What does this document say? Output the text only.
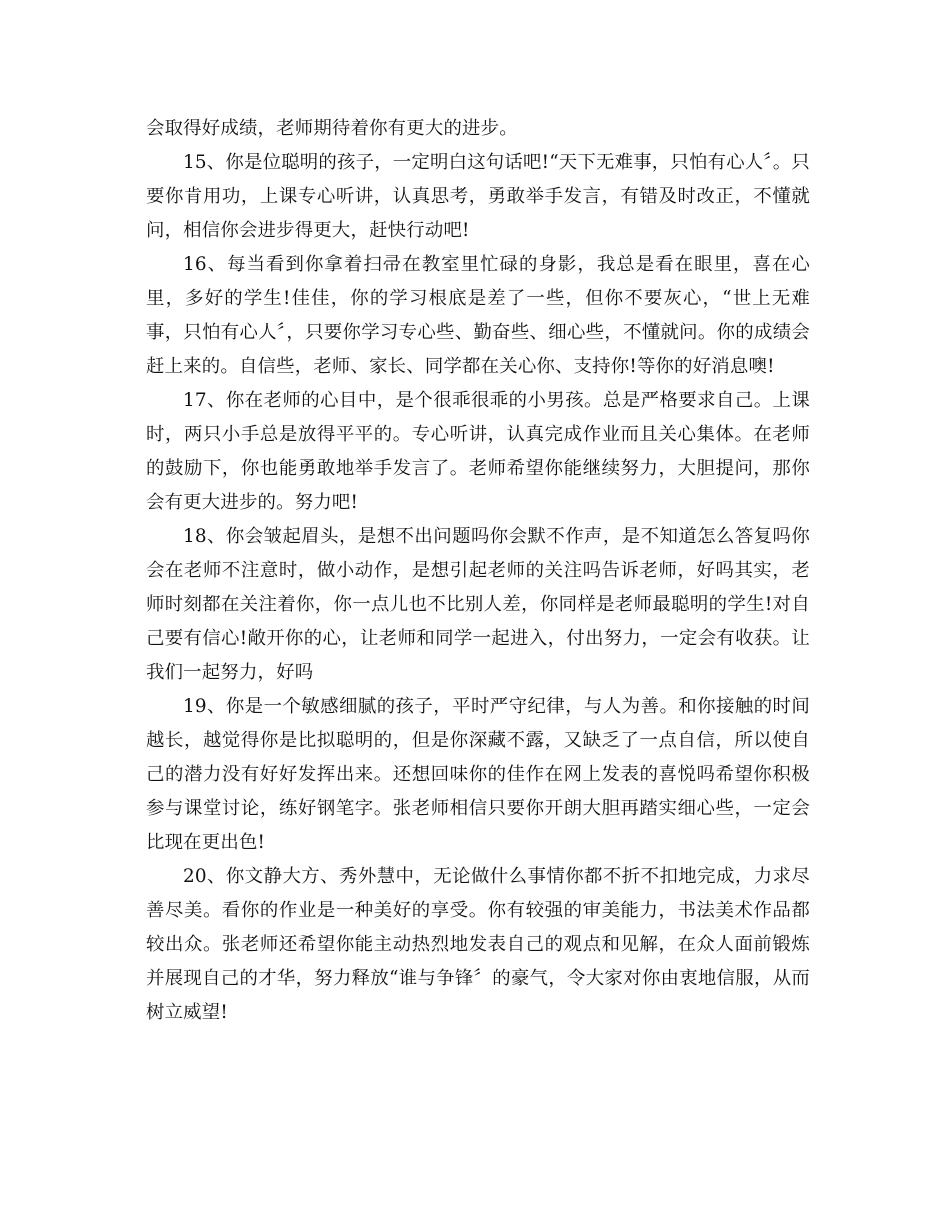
会取得好成绩，老师期待着你有更大的进步。

15、你是位聪明的孩子，一定明白这句话吧!“天下无难事，只怕有心人〞。只要你肯用功，上课专心听讲，认真思考，勇敢举手发言，有错及时改正，不懂就问，相信你会进步得更大，赶快行动吧!

16、每当看到你拿着扫帚在教室里忙碌的身影，我总是看在眼里，喜在心里，多好的学生!佳佳，你的学习根底是差了一些，但你不要灰心，“世上无难事，只怕有心人〞，只要你学习专心些、勤奋些、细心些，不懂就问。你的成绩会赶上来的。自信些，老师、家长、同学都在关心你、支持你!等你的好消息噢!

17、你在老师的心目中，是个很乖很乖的小男孩。总是严格要求自己。上课时，两只小手总是放得平平的。专心听讲，认真完成作业而且关心集体。在老师的鼓励下，你也能勇敢地举手发言了。老师希望你能继续努力，大胆提问，那你会有更大进步的。努力吧!

18、你会皱起眉头，是想不出问题吗你会默不作声，是不知道怎么答复吗你会在老师不注意时，做小动作，是想引起老师的关注吗告诉老师，好吗其实，老师时刻都在关注着你，你一点儿也不比别人差，你同样是老师最聪明的学生!对自己要有信心!敞开你的心，让老师和同学一起进入，付出努力，一定会有收获。让我们一起努力，好吗

19、你是一个敏感细腻的孩子，平时严守纪律，与人为善。和你接触的时间越长，越觉得你是比拟聪明的，但是你深藏不露，又缺乏了一点自信，所以使自己的潜力没有好好发挥出来。还想回味你的佳作在网上发表的喜悦吗希望你积极参与课堂讨论，练好钢笔字。张老师相信只要你开朗大胆再踏实细心些，一定会比现在更出色!

20、你文静大方、秀外慧中，无论做什么事情你都不折不扣地完成，力求尽善尽美。看你的作业是一种美好的享受。你有较强的审美能力，书法美术作品都较出众。张老师还希望你能主动热烈地发表自己的观点和见解，在众人面前锻炼并展现自己的才华，努力释放“谁与争锋〞的豪气，令大家对你由衷地信服，从而树立威望!
